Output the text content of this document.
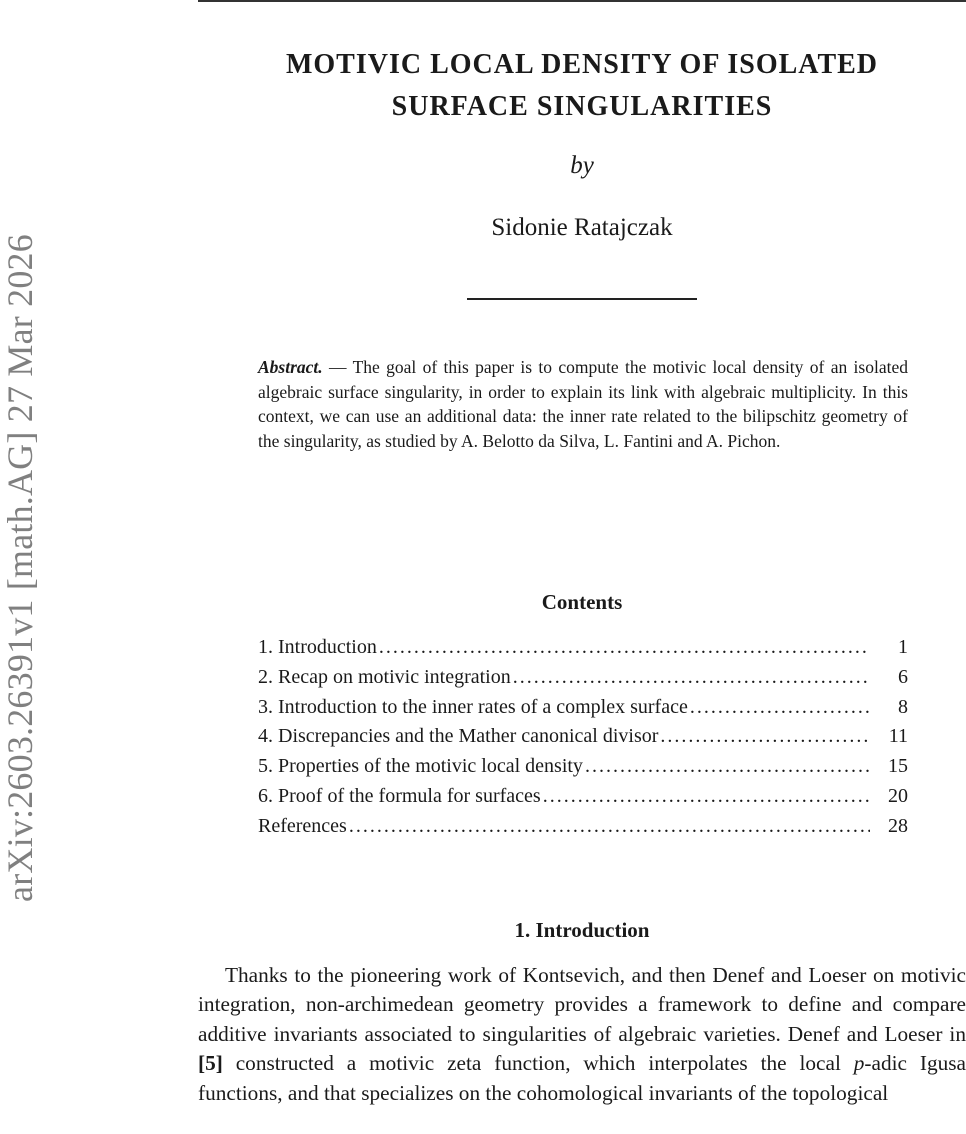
arXiv:2603.26391v1 [math.AG] 27 Mar 2026
MOTIVIC LOCAL DENSITY OF ISOLATED
SURFACE SINGULARITIES
by
Sidonie Ratajczak
Abstract. — The goal of this paper is to compute the motivic local density of an isolated algebraic surface singularity, in order to explain its link with algebraic multiplicity. In this context, we can use an additional data: the inner rate related to the bilipschitz geometry of the singularity, as studied by A. Belotto da Silva, L. Fantini and A. Pichon.
Contents
1. Introduction . . .	1
2. Recap on motivic integration . . .	6
3. Introduction to the inner rates of a complex surface . . .	8
4. Discrepancies and the Mather canonical divisor . . .	11
5. Properties of the motivic local density . . .	15
6. Proof of the formula for surfaces . . .	20
References . . .	28
1. Introduction

Thanks to the pioneering work of Kontsevich, and then Denef and Loeser on motivic integration, non-archimedean geometry provides a framework to define and compare additive invariants associated to singularities of algebraic varieties. Denef and Loeser in [5] constructed a motivic zeta function, which interpolates the local p-adic Igusa functions, and that specializes on the cohomological invariants of the topological
